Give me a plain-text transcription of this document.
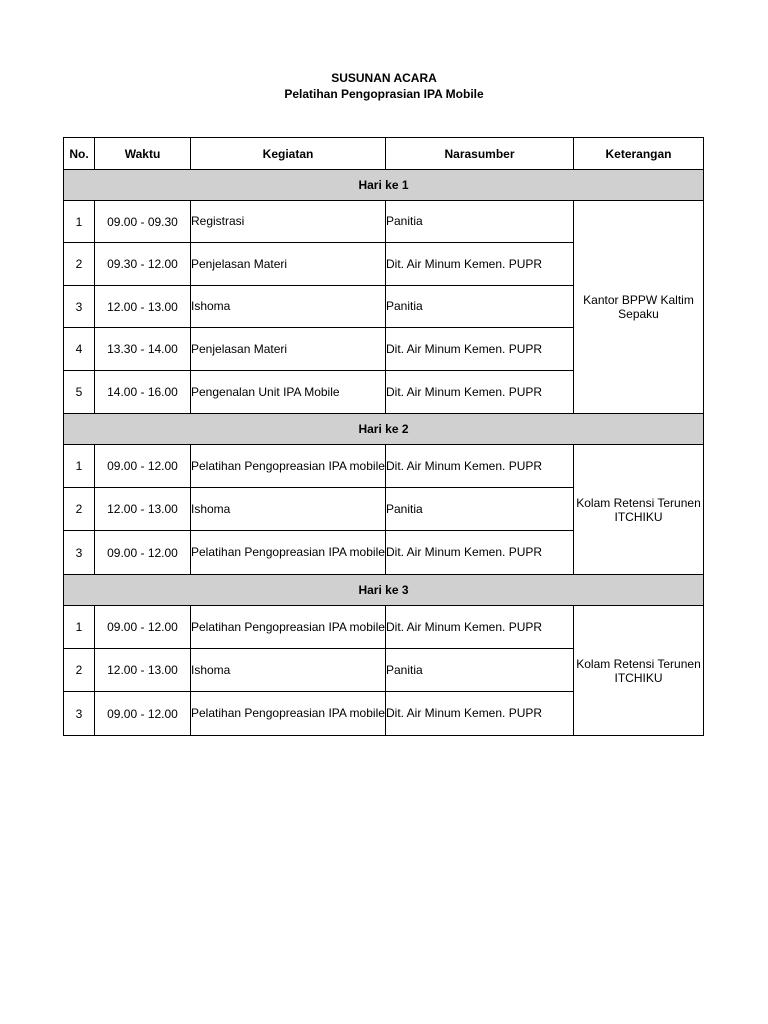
SUSUNAN ACARA
Pelatihan Pengoprasian IPA Mobile
No.	Waktu	Kegiatan	Narasumber	Keterangan
Hari ke 1				
1	09.00 - 09.30	Registrasi	Panitia	Kantor BPPW Kaltim Sepaku
2	09.30 - 12.00	Penjelasan Materi	Dit. Air Minum Kemen. PUPR	
3	12.00 - 13.00	Ishoma	Panitia	
4	13.30 - 14.00	Penjelasan Materi	Dit. Air Minum Kemen. PUPR	
5	14.00 - 16.00	Pengenalan Unit IPA Mobile	Dit. Air Minum Kemen. PUPR	
Hari ke 2				
1	09.00 - 12.00	Pelatihan Pengopreasian IPA mobile	Dit. Air Minum Kemen. PUPR	Kolam Retensi Terunen ITCHIKU
2	12.00 - 13.00	Ishoma	Panitia	
3	09.00 - 12.00	Pelatihan Pengopreasian IPA mobile	Dit. Air Minum Kemen. PUPR	
Hari ke 3				
1	09.00 - 12.00	Pelatihan Pengopreasian IPA mobile	Dit. Air Minum Kemen. PUPR	Kolam Retensi Terunen ITCHIKU
2	12.00 - 13.00	Ishoma	Panitia	
3	09.00 - 12.00	Pelatihan Pengopreasian IPA mobile	Dit. Air Minum Kemen. PUPR	
